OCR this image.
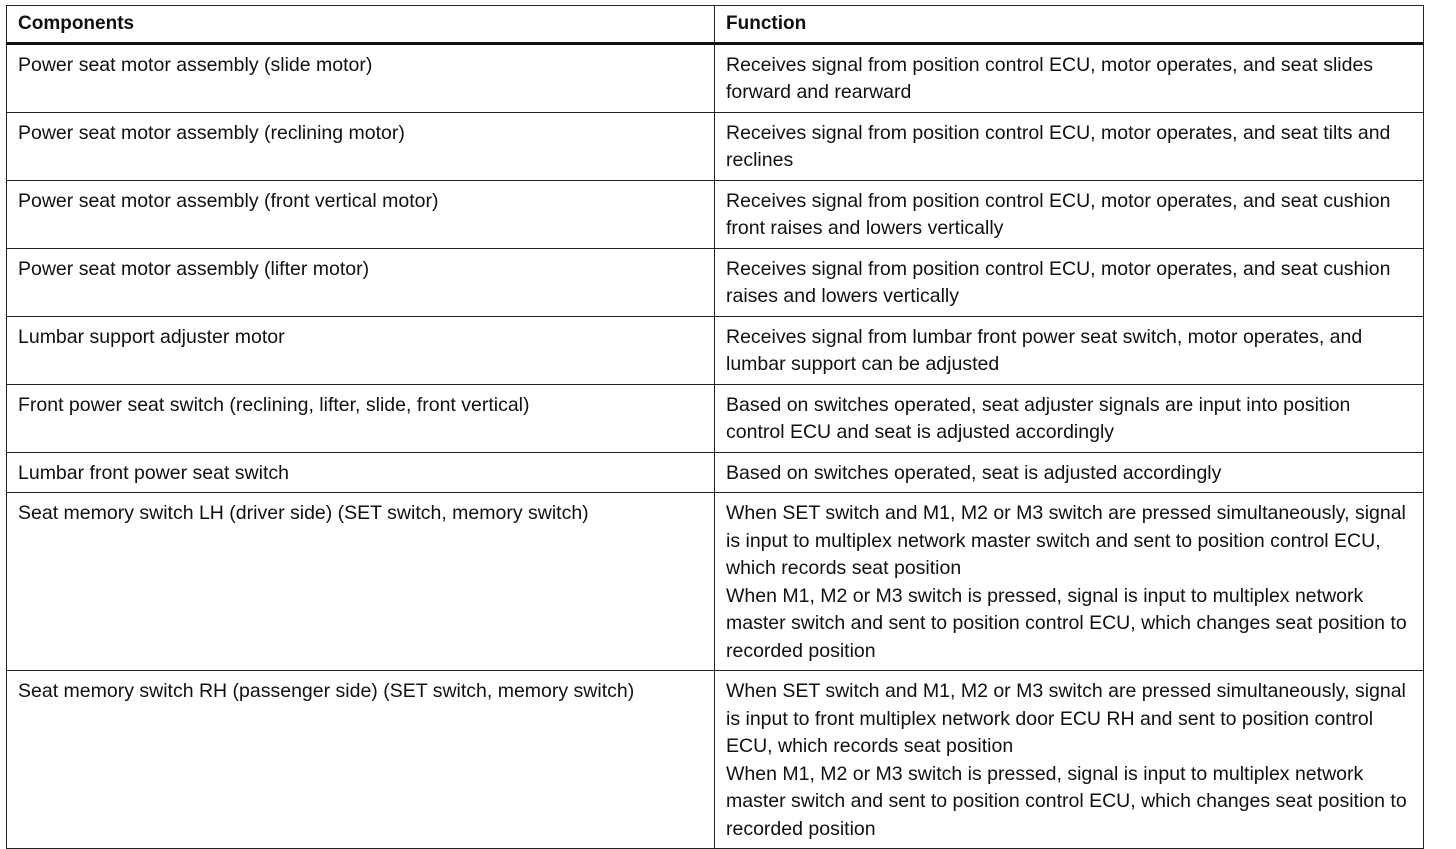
Components	Function
Power seat motor assembly (slide motor)	Receives signal from position control ECU, motor operates, and seat slides forward and rearward

Power seat motor assembly (reclining motor)	Receives signal from position control ECU, motor operates, and seat tilts and reclines

Power seat motor assembly (front vertical motor)	Receives signal from position control ECU, motor operates, and seat cushion front raises and lowers vertically

Power seat motor assembly (lifter motor)	Receives signal from position control ECU, motor operates, and seat cushion raises and lowers vertically

Lumbar support adjuster motor	Receives signal from lumbar front power seat switch, motor operates, and lumbar support can be adjusted

Front power seat switch (reclining, lifter, slide, front vertical)	Based on switches operated, seat adjuster signals are input into position control ECU and seat is adjusted accordingly

Lumbar front power seat switch	Based on switches operated, seat is adjusted accordingly

Seat memory switch LH (driver side) (SET switch, memory switch)	When SET switch and M1, M2 or M3 switch are pressed simultaneously, signal is input to multiplex network master switch and sent to position control ECU, which records seat position
When M1, M2 or M3 switch is pressed, signal is input to multiplex network master switch and sent to position control ECU, which changes seat position to recorded position

Seat memory switch RH (passenger side) (SET switch, memory switch)	When SET switch and M1, M2 or M3 switch are pressed simultaneously, signal is input to front multiplex network door ECU RH and sent to position control ECU, which records seat position
When M1, M2 or M3 switch is pressed, signal is input to multiplex network master switch and sent to position control ECU, which changes seat position to recorded position
